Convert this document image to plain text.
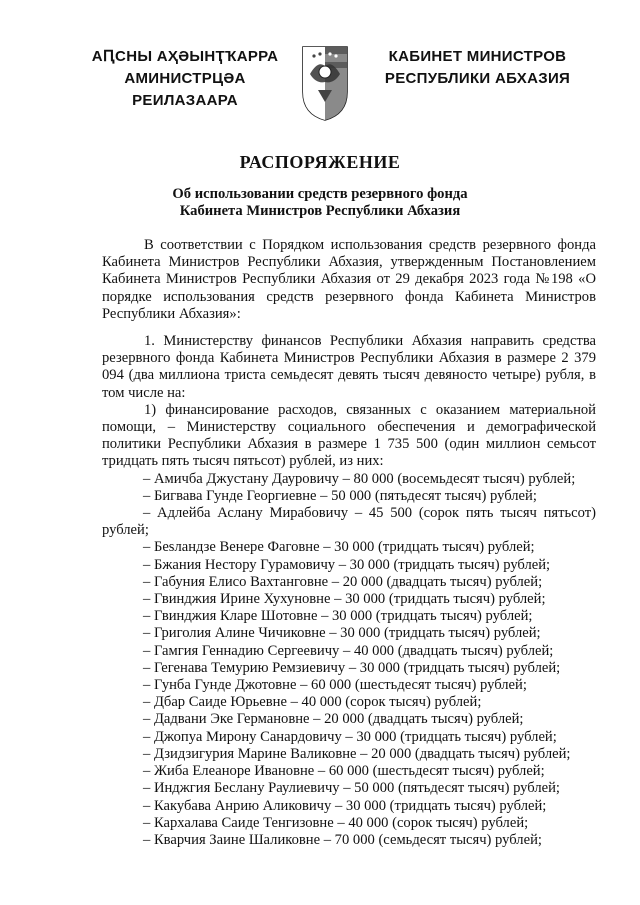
АԤСНЫ АҲӘЫНҬҠАРРА
АМИНИСТРЦӘА РЕИЛАЗААРА
КАБИНЕТ МИНИСТРОВ
РЕСПУБЛИКИ АБХАЗИЯ
РАСПОРЯЖЕНИЕ
Об использовании средств резервного фонда
Кабинета Министров Республики Абхазия

В соответствии с Порядком использования средств резервного фонда Кабинета Министров Республики Абхазия, утвержденным Постановлением Кабинета Министров Республики Абхазия от 29 декабря 2023 года №198 «О порядке использования средств резервного фонда Кабинета Министров Республики Абхазия»:

1. Министерству финансов Республики Абхазия направить средства резервного фонда Кабинета Министров Республики Абхазия в размере 2 379 094 (два миллиона триста семьдесят девять тысяч девяносто четыре) рубля, в том числе на:

1) финансирование расходов, связанных с оказанием материальной помощи, – Министерству социального обеспечения и демографической политики Республики Абхазия в размере 1 735 500 (один миллион семьсот тридцать пять тысяч пятьсот) рублей, из них:

– Амичба Джустану Дауровичу – 80 000 (восемьдесят тысяч) рублей;

– Бигвава Гунде Георгиевне – 50 000 (пятьдесят тысяч) рублей;

– Адлейба Аслану Мирабовичу – 45 500 (сорок пять тысяч пятьсот) рублей;

– Беsландзе Венере Фаговне – 30 000 (тридцать тысяч) рублей;

– Бжания Нестору Гурамовичу – 30 000 (тридцать тысяч) рублей;

– Габуния Елисо Вахтанговне – 20 000 (двадцать тысяч) рублей;

– Гвинджия Ирине Хухуновне – 30 000 (тридцать тысяч) рублей;

– Гвинджия Кларе Шотовне – 30 000 (тридцать тысяч) рублей;

– Григолия Алине Чичиковне – 30 000 (тридцать тысяч) рублей;

– Гамгия Геннадию Сергеевичу – 40 000 (двадцать тысяч) рублей;

– Гегенава Темурию Ремзиевичу – 30 000 (тридцать тысяч) рублей;

– Гунба Гунде Джотовне – 60 000 (шестьдесят тысяч) рублей;

– Дбар Саиде Юрьевне – 40 000 (сорок тысяч) рублей;

– Дадвани Эке Германовне – 20 000 (двадцать тысяч) рублей;

– Джопуа Мирону Санардовичу – 30 000 (тридцать тысяч) рублей;

– Дзидзигурия Марине Валиковне – 20 000 (двадцать тысяч) рублей;

– Жиба Елеаноре Ивановне – 60 000 (шестьдесят тысяч) рублей;

– Инджгия Беслану Раулиевичу – 50 000 (пятьдесят тысяч) рублей;

– Какубава Анрию Аликовичу – 30 000 (тридцать тысяч) рублей;

– Кархалава Саиде Тенгизовне – 40 000 (сорок тысяч) рублей;

– Кварчия Заине Шаликовне – 70 000 (семьдесят тысяч) рублей;
